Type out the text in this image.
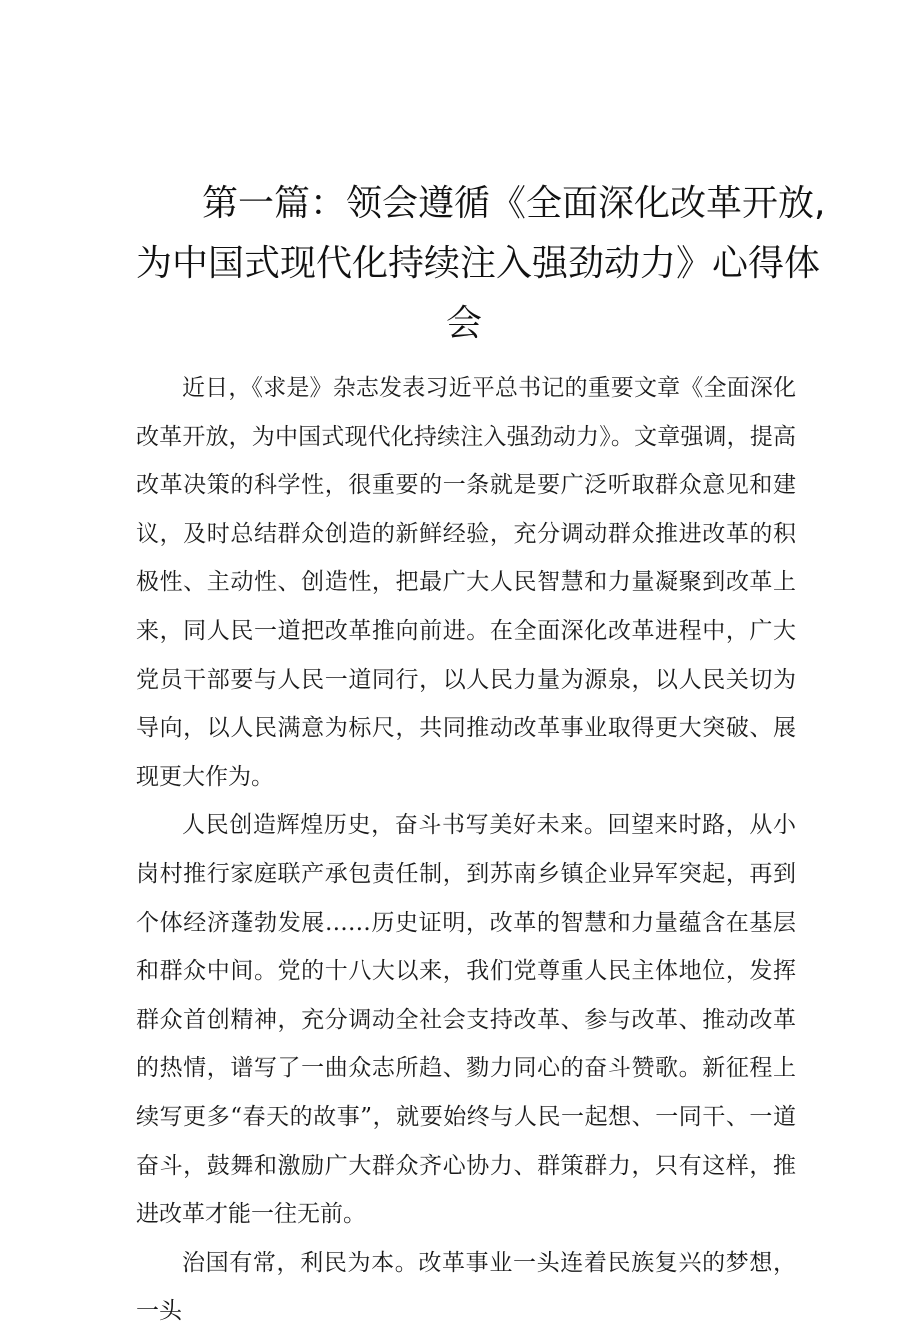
第一篇：领会遵循《全面深化改革开放,
为中国式现代化持续注入强劲动力》心得体
会

近日，《求是》杂志发表习近平总书记的重要文章《全面深化改革开放，为中国式现代化持续注入强劲动力》。文章强调，提高改革决策的科学性，很重要的一条就是要广泛听取群众意见和建议，及时总结群众创造的新鲜经验，充分调动群众推进改革的积极性、主动性、创造性，把最广大人民智慧和力量凝聚到改革上来，同人民一道把改革推向前进。在全面深化改革进程中，广大党员干部要与人民一道同行，以人民力量为源泉，以人民关切为导向，以人民满意为标尺，共同推动改革事业取得更大突破、展现更大作为。

人民创造辉煌历史，奋斗书写美好未来。回望来时路，从小岗村推行家庭联产承包责任制，到苏南乡镇企业异军突起，再到个体经济蓬勃发展……历史证明，改革的智慧和力量蕴含在基层和群众中间。党的十八大以来，我们党尊重人民主体地位，发挥群众首创精神，充分调动全社会支持改革、参与改革、推动改革的热情，谱写了一曲众志所趋、勠力同心的奋斗赞歌。新征程上续写更多“春天的故事”，就要始终与人民一起想、一同干、一道奋斗，鼓舞和激励广大群众齐心协力、群策群力，只有这样，推进改革才能一往无前。

治国有常，利民为本。改革事业一头连着民族复兴的梦想，一头
